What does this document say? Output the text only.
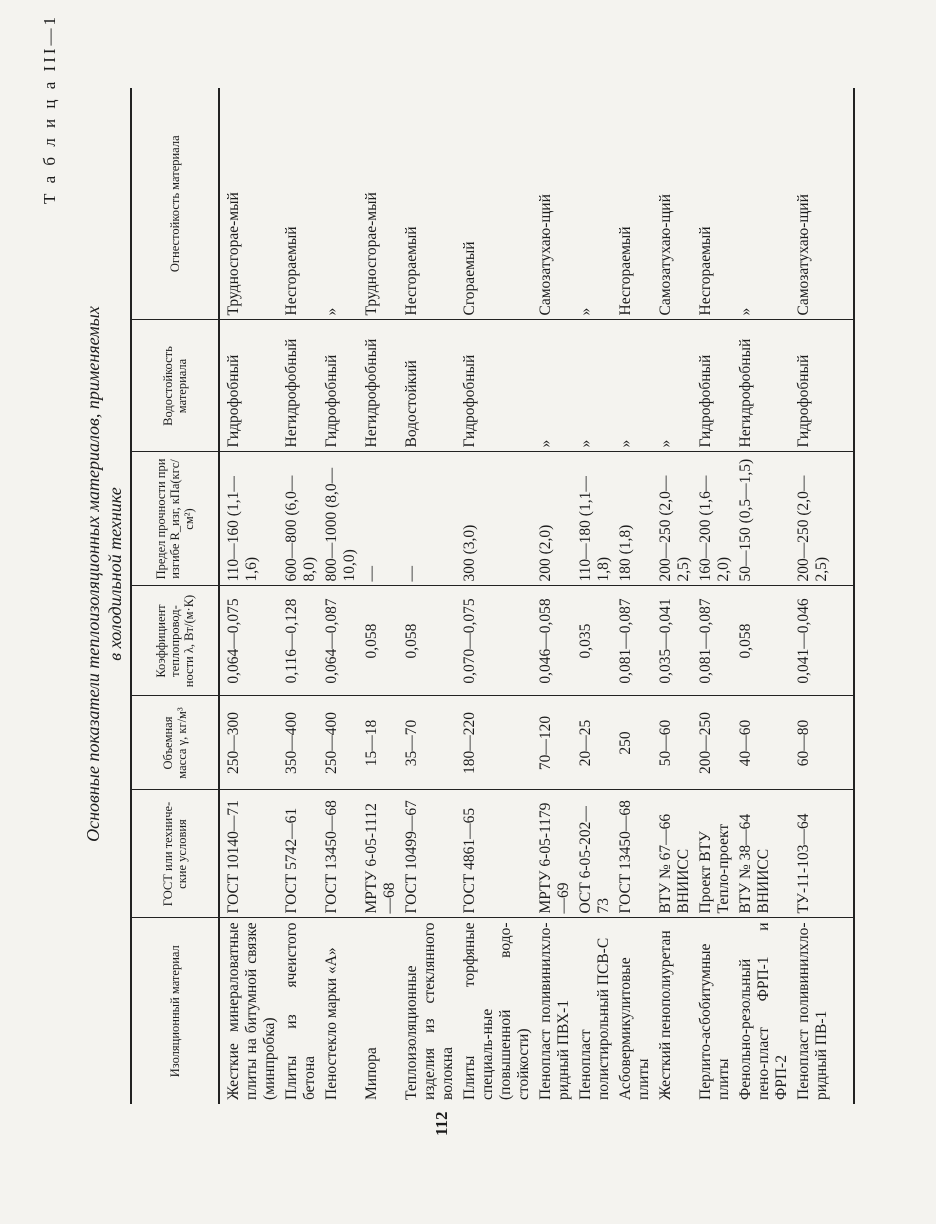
112
Т а б л и ц а III—1
Основные показатели теплоизоляционных материалов, применяемых в холодильной технике
Изоляционный материал	ГОСТ или техниче-ские условия	Объемная масса γ, кг/м³	Коэффициент теплопровод-ности λ, Вт/(м·К)	Предел прочности при изгибе R_изг, кПа(кгс/см²)	Водостойкость материала	Огнестойкость материала
Жесткие минераловатные плиты на битумной связке (минпробка)	ГОСТ 10140—71	250—300	0,064—0,075	110—160 (1,1—1,6)	Гидрофобный	Трудносгорае-мый
Плиты из ячеистого бетона	ГОСТ 5742—61	350—400	0,116—0,128	600—800 (6,0—8,0)	Негидрофобный	Несгораемый
Пеностекло марки «А»	ГОСТ 13450—68	250—400	0,064—0,087	800—1000 (8,0—10,0)	Гидрофобный	»
Мипора	МРТУ 6-05-1112—68	15—18	0,058	—	Негидрофобный	Трудносгорае-мый
Теплоизоляционные изделия из стеклянного волокна	ГОСТ 10499—67	35—70	0,058	—	Водостойкий	Несгораемый
Плиты торфяные специаль-ные (повышенной водо-стойкости)	ГОСТ 4861—65	180—220	0,070—0,075	300 (3,0)	Гидрофобный	Сгораемый
Пенопласт поливинилхло-ридный ПВХ-1	МРТУ 6-05-1179—69	70—120	0,046—0,058	200 (2,0)	»	Самозатухаю-щий
Пенопласт полистирольный ПСВ-С	ОСТ 6-05-202—73	20—25	0,035	110—180 (1,1—1,8)	»	»
Асбовермикулитовые плиты	ГОСТ 13450—68	250	0,081—0,087	180 (1,8)	»	Несгораемый
Жесткий пенополиуретан	ВТУ № 67—66 ВНИИСС	50—60	0,035—0,041	200—250 (2,0—2,5)	»	Самозатухаю-щий
Перлито-асбобитумные плиты	Проект ВТУ Тепло-проект	200—250	0,081—0,087	160—200 (1,6—2,0)	Гидрофобный	Несгораемый
Фенольно-резольный пено-пласт ФРП-1 и ФРП-2	ВТУ № 38—64 ВНИИСС	40—60	0,058	50—150 (0,5—1,5)	Негидрофобный	»
Пенопласт поливинилхло-ридный ПВ-1	ТУ-11-103—64	60—80	0,041—0,046	200—250 (2,0—2,5)	Гидрофобный	Самозатухаю-щий
